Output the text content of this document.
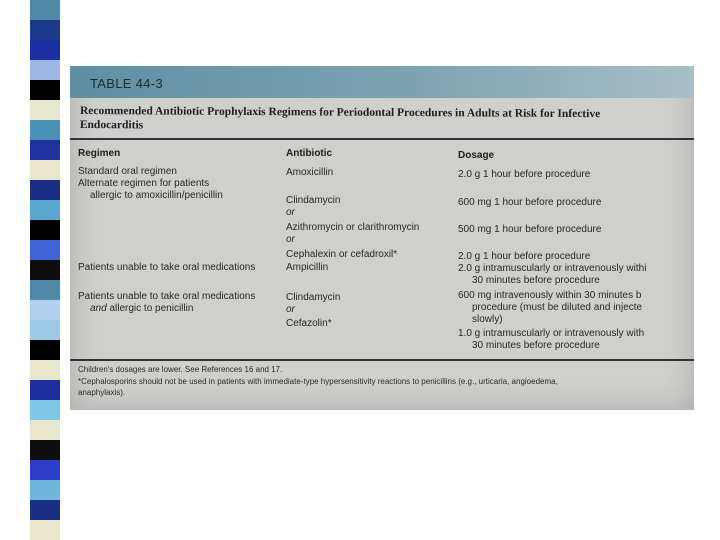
TABLE 44-3
Recommended Antibiotic Prophylaxis Regimens for Periodontal Procedures in Adults at Risk for Infective
Endocarditis
Regimen	Antibiotic	Dosage
Standard oral regimen
Alternate regimen for patients
allergic to amoxicillin/penicillin
Patients unable to take oral medications
Patients unable to take oral medications
and allergic to penicillin
Amoxicillin
Clindamycin
or
Azithromycin or clarithromycin
or
Cephalexin or cefadroxil*
Ampicillin
Clindamycin
or
Cefazolin*
2.0 g 1 hour before procedure
600 mg 1 hour before procedure
500 mg 1 hour before procedure
2.0 g 1 hour before procedure
2.0 g intramuscularly or intravenously withi
30 minutes before procedure
600 mg intravenously within 30 minutes b
procedure (must be diluted and injecte
slowly)
1.0 g intramuscularly or intravenously with
30 minutes before procedure
Children's dosages are lower. See References 16 and 17.
*Cephalosporins should not be used in patients with immediate-type hypersensitivity reactions to penicillins (e.g., urticaria, angioedema,
anaphylaxis).
